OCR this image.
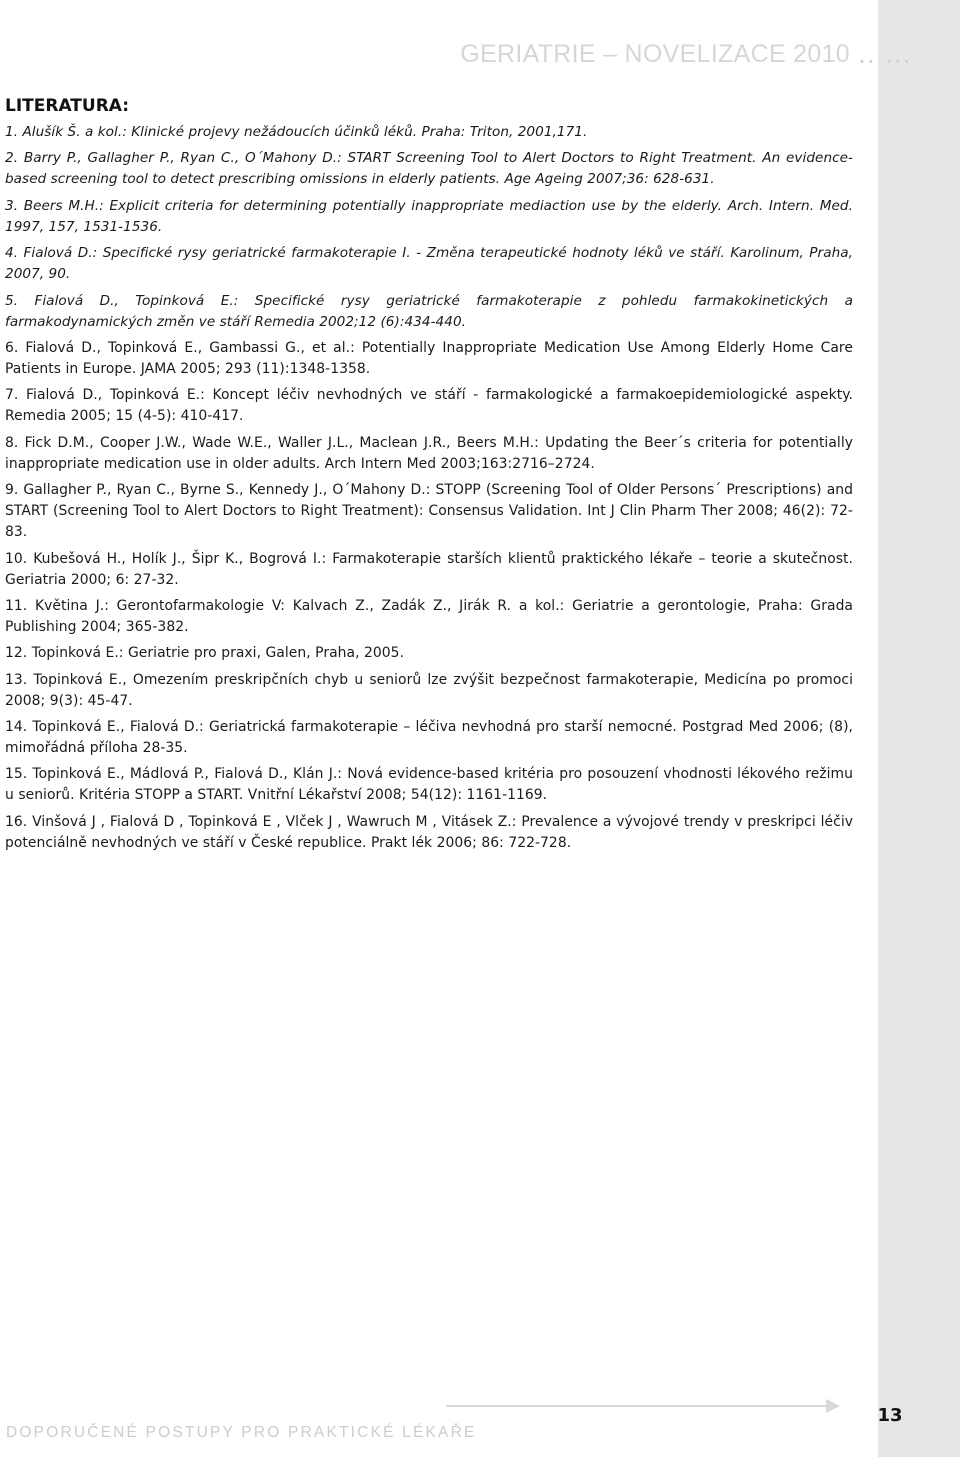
GERIATRIE – NOVELIZACE 2010 .. ...
LITERATURA:
1. Alušík Š. a kol.: Klinické projevy nežádoucích účinků léků. Praha: Triton, 2001,171.
2. Barry P., Gallagher P., Ryan C., O´Mahony D.: START Screening Tool to Alert Doctors to Right Treatment. An evidence-based screening tool to detect prescribing omissions in elderly patients. Age Ageing 2007;36: 628-631.
3. Beers M.H.: Explicit criteria for determining potentially inappropriate mediaction use by the elderly. Arch. Intern. Med. 1997, 157, 1531-1536.
4. Fialová D.: Specifické rysy geriatrické farmakoterapie I. - Změna terapeutické hodnoty léků ve stáří. Karolinum, Praha, 2007, 90.
5. Fialová D., Topinková E.: Specifické rysy geriatrické farmakoterapie z pohledu farmakokinetických a farmakodynamických změn ve stáří Remedia 2002;12 (6):434-440.
6. Fialová D., Topinková E., Gambassi G., et al.: Potentially Inappropriate Medication Use Among Elderly Home Care Patients in Europe. JAMA 2005; 293 (11):1348-1358.
7. Fialová D., Topinková E.: Koncept léčiv nevhodných ve stáří - farmakologické a farmakoepidemiologické aspekty. Remedia 2005; 15 (4-5): 410-417.
8. Fick D.M., Cooper J.W., Wade W.E., Waller J.L., Maclean J.R., Beers M.H.: Updating the Beer´s criteria for potentially inappropriate medication use in older adults. Arch Intern Med 2003;163:2716–2724.
9. Gallagher P., Ryan C., Byrne S., Kennedy J., O´Mahony D.: STOPP (Screening Tool of Older Persons´ Prescriptions) and START (Screening Tool to Alert Doctors to Right Treatment): Consensus Validation. Int J Clin Pharm Ther 2008; 46(2): 72-83.
10. Kubešová H., Holík J., Šipr K., Bogrová I.: Farmakoterapie starších klientů praktického lékaře – teorie a skutečnost. Geriatria 2000; 6: 27-32.
11. Květina J.: Gerontofarmakologie V: Kalvach Z., Zadák Z., Jirák R. a kol.: Geriatrie a gerontologie, Praha: Grada Publishing 2004; 365-382.
12. Topinková E.: Geriatrie pro praxi, Galen, Praha, 2005.
13. Topinková E., Omezením preskripčních chyb u seniorů lze zvýšit bezpečnost farmakoterapie, Medicína po promoci 2008; 9(3): 45-47.
14. Topinková E., Fialová D.: Geriatrická farmakoterapie – léčiva nevhodná pro starší nemocné. Postgrad Med 2006; (8), mimořádná příloha 28-35.
15. Topinková E., Mádlová P., Fialová D., Klán J.: Nová evidence-based kritéria pro posouzení vhodnosti lékového režimu u seniorů. Kritéria STOPP a START. Vnitřní Lékařství 2008; 54(12): 1161-1169.
16. Vinšová J , Fialová D , Topinková E , Vlček J , Wawruch M , Vitásek Z.: Prevalence a vývojové trendy v preskripci léčiv potenciálně nevhodných ve stáří v České republice. Prakt lék 2006; 86: 722-728.
DOPORUČENÉ POSTUPY PRO PRAKTICKÉ LÉKAŘE
13
